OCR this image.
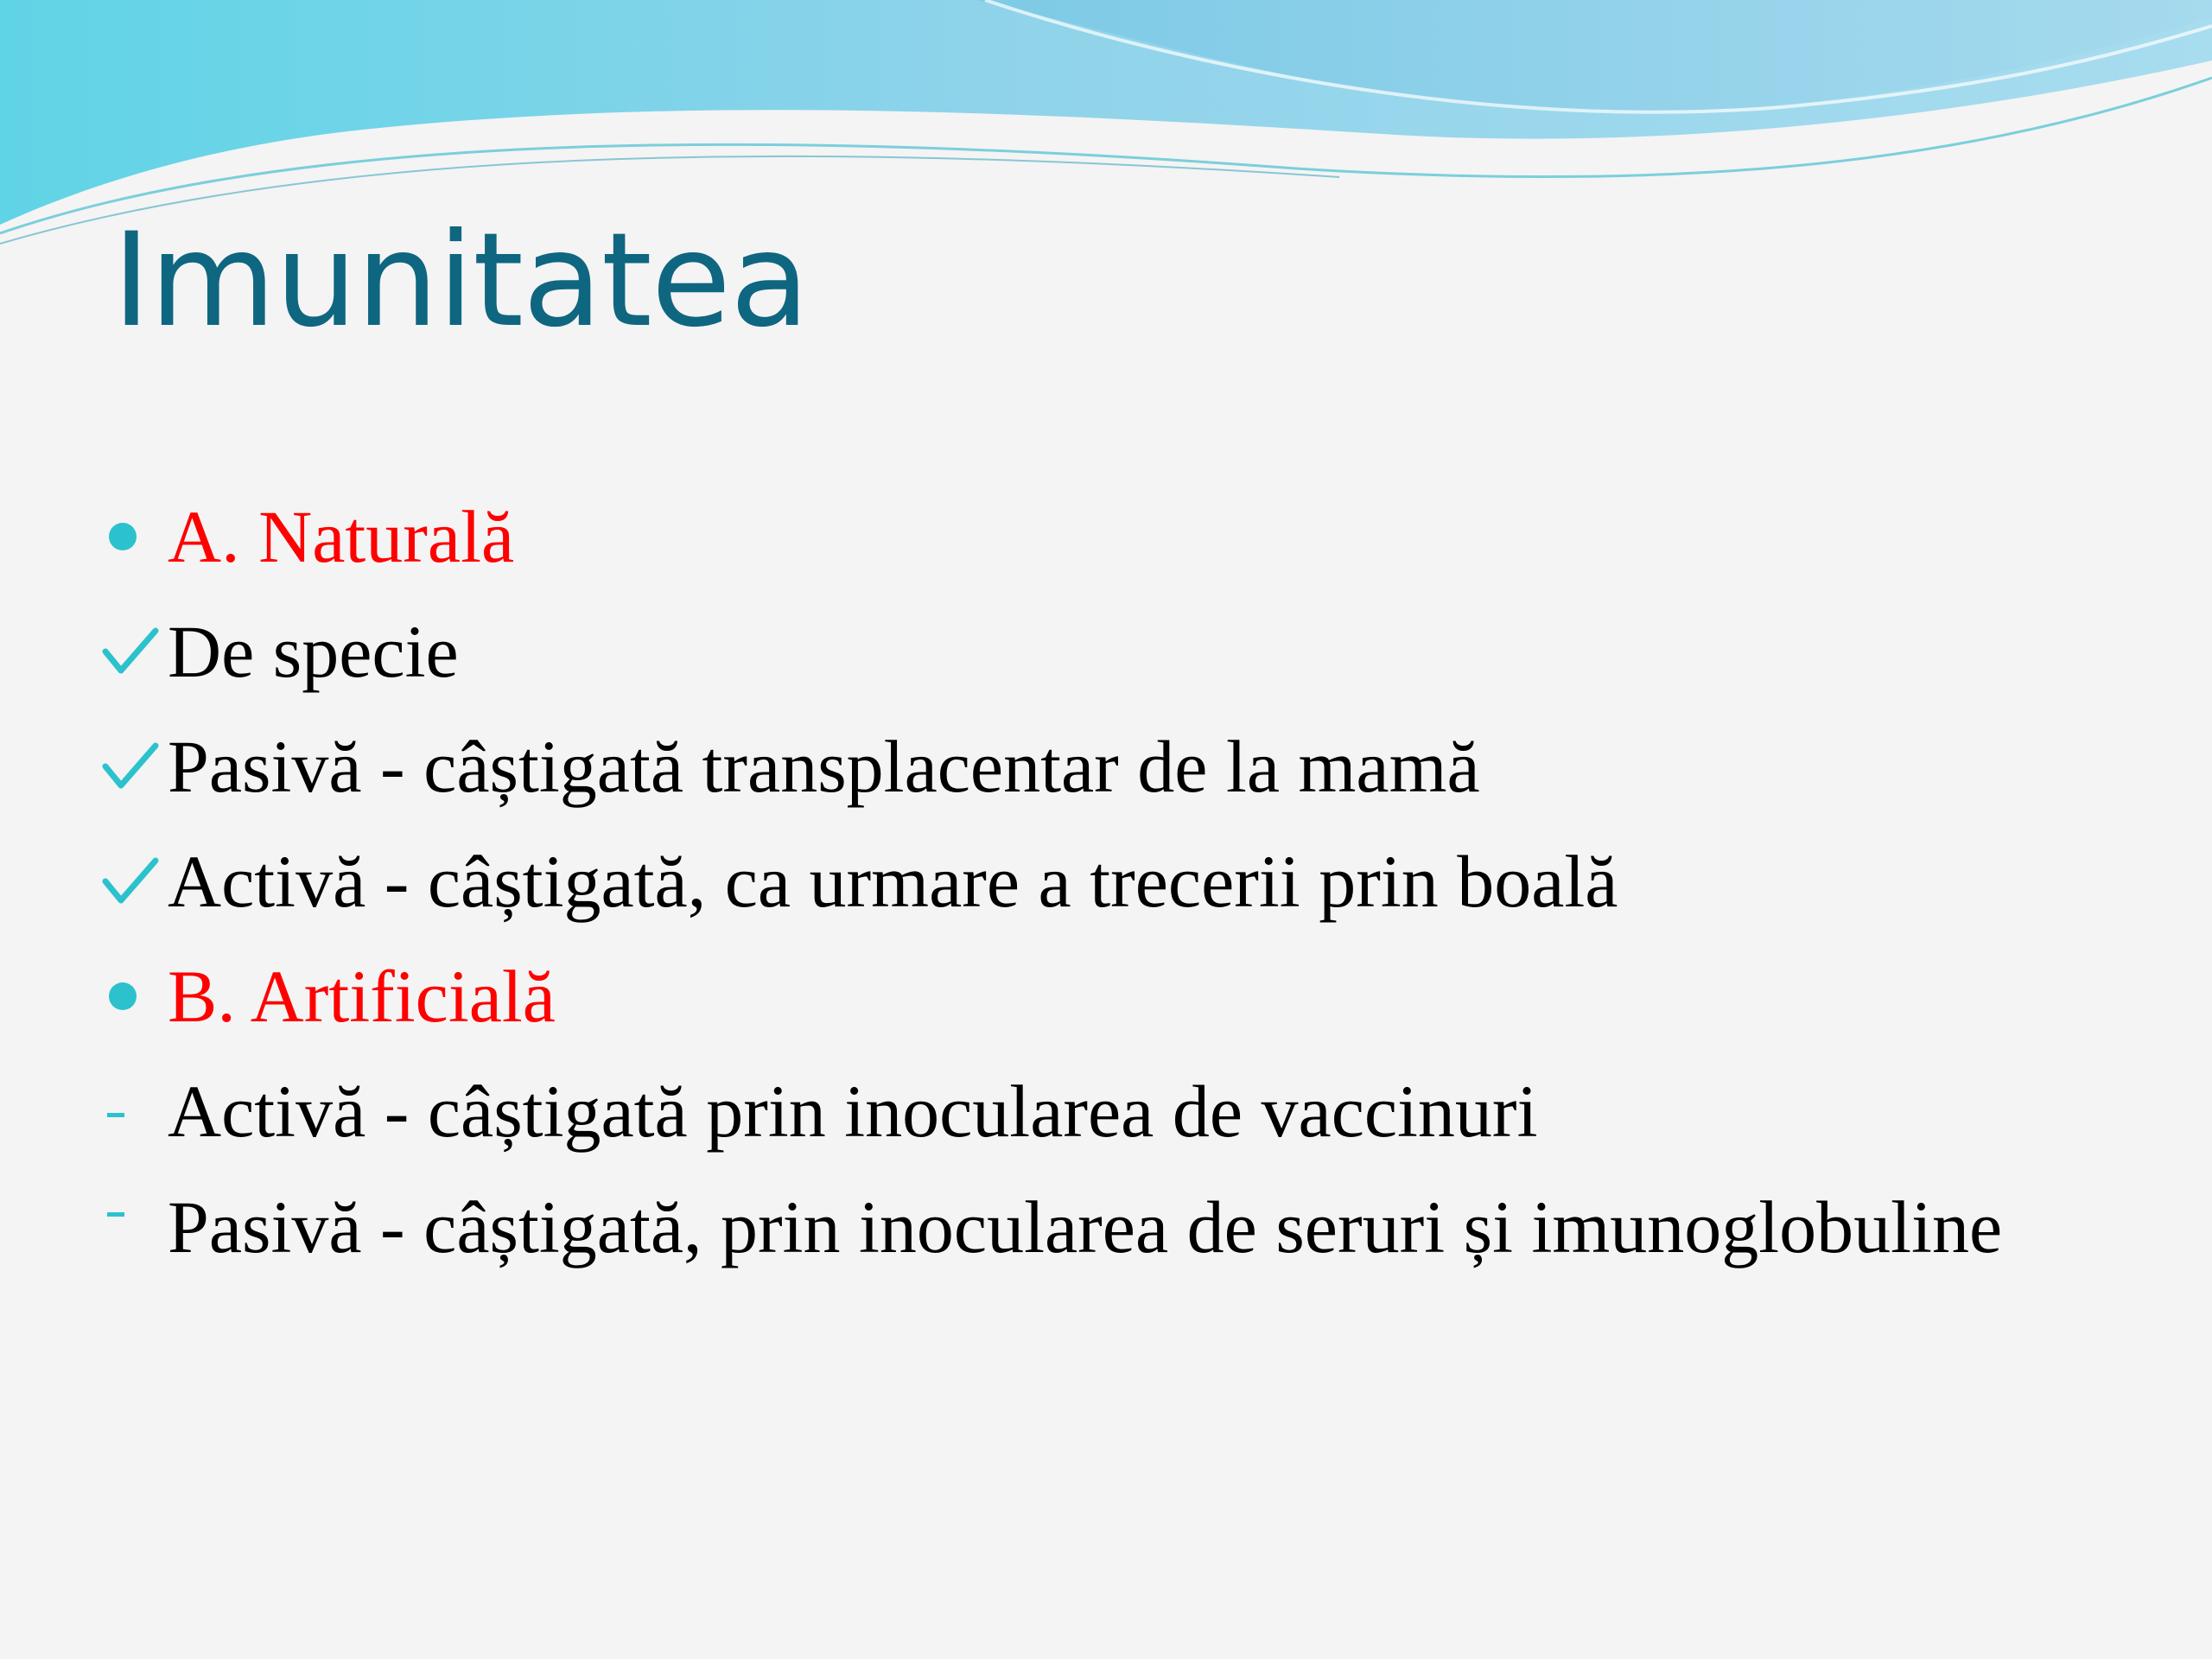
Imunitatea
A. Naturală
De specie
Pasivă - câștigată transplacentar de la mamă
Activă - câștigată, ca urmare a trecerii prin boală
B. Artificială
Activă - câștigată prin inocularea de vaccinuri
Pasivă - câștigată, prin inocularea de seruri și imunoglobuline
